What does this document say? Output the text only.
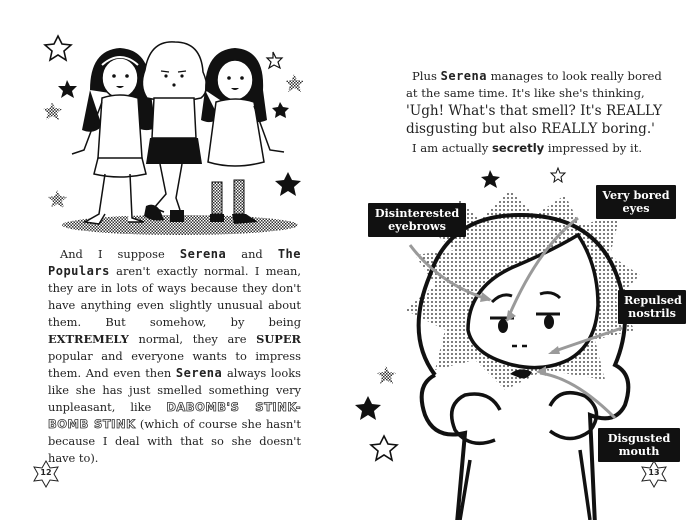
And I suppose Serena and The Populars aren't exactly normal. I mean, they are in lots of ways because they don't have anything even slightly unusual about them. But somehow, by being EXTREMELY normal, they are SUPER popular and everyone wants to impress them. And even then Serena always looks like she has just smelled something very unpleasant, like DABOMB'S STINK-BOMB STINK (which of course she hasn't because I deal with that so she doesn't have to).

12
Plus Serena manages to look really bored
at the same time. It's like she's thinking,
'Ugh! What's that smell? It's REALLY disgusting but also REALLY boring.'
I am actually secretly impressed by it.
Disinterested eyebrows
Very bored eyes
Repulsed nostrils
Disgusted mouth
13
